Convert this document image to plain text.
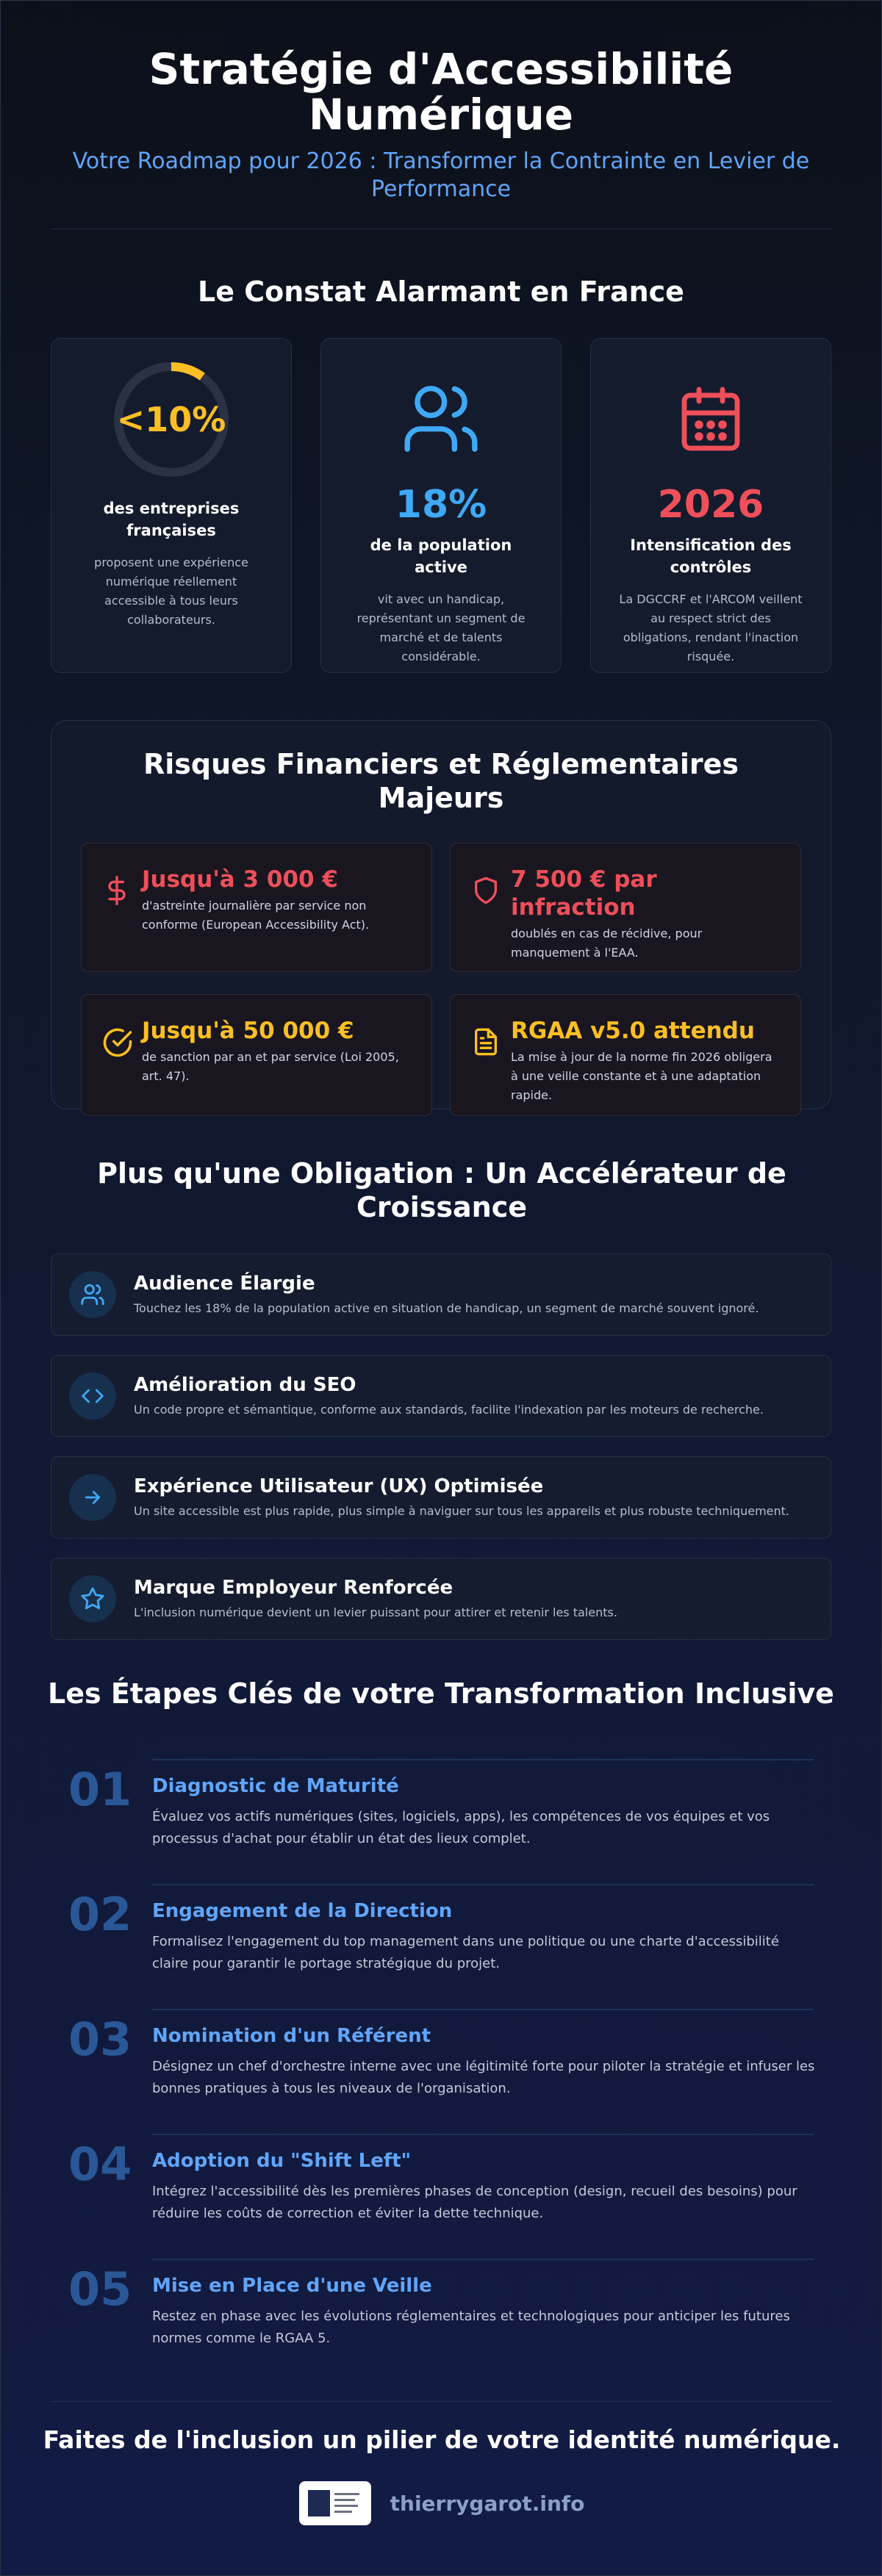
Stratégie d'Accessibilité Numérique
Votre Roadmap pour 2026 : Transformer la Contrainte en Levier de Performance
Le Constat Alarmant en France
<10%
des entreprises françaises
proposent une expérience numérique réellement accessible à tous leurs collaborateurs.
18%
de la population active
vit avec un handicap, représentant un segment de marché et de talents considérable.
2026
Intensification des contrôles
La DGCCRF et l'ARCOM veillent au respect strict des obligations, rendant l'inaction risquée.
Risques Financiers et Réglementaires Majeurs
Jusqu'à 3 000 €

d'astreinte journalière par service non conforme (European Accessibility Act).

7 500 € par infraction

doublés en cas de récidive, pour manquement à l'EAA.

Jusqu'à 50 000 €

de sanction par an et par service (Loi 2005, art. 47).

RGAA v5.0 attendu

La mise à jour de la norme fin 2026 obligera à une veille constante et à une adaptation rapide.

Plus qu'une Obligation : Un Accélérateur de Croissance
Audience Élargie

Touchez les 18% de la population active en situation de handicap, un segment de marché souvent ignoré.

Amélioration du SEO

Un code propre et sémantique, conforme aux standards, facilite l'indexation par les moteurs de recherche.

Expérience Utilisateur (UX) Optimisée

Un site accessible est plus rapide, plus simple à naviguer sur tous les appareils et plus robuste techniquement.

Marque Employeur Renforcée

L'inclusion numérique devient un levier puissant pour attirer et retenir les talents.

Les Étapes Clés de votre Transformation Inclusive
01 Diagnostic de Maturité

Évaluez vos actifs numériques (sites, logiciels, apps), les compétences de vos équipes et vos processus d'achat pour établir un état des lieux complet.

02 Engagement de la Direction

Formalisez l'engagement du top management dans une politique ou une charte d'accessibilité claire pour garantir le portage stratégique du projet.

03 Nomination d'un Référent

Désignez un chef d'orchestre interne avec une légitimité forte pour piloter la stratégie et infuser les bonnes pratiques à tous les niveaux de l'organisation.

04 Adoption du "Shift Left"

Intégrez l'accessibilité dès les premières phases de conception (design, recueil des besoins) pour réduire les coûts de correction et éviter la dette technique.

05 Mise en Place d'une Veille

Restez en phase avec les évolutions réglementaires et technologiques pour anticiper les futures normes comme le RGAA 5.

Faites de l'inclusion un pilier de votre identité numérique.
thierrygarot.info
